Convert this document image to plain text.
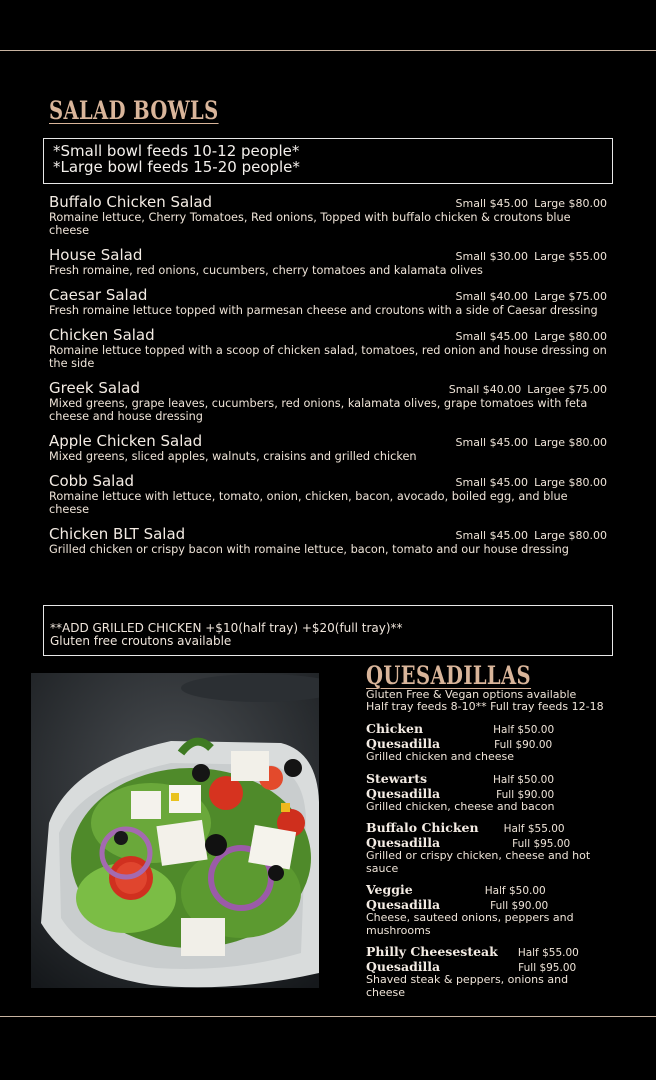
SALAD BOWLS
*Small bowl feeds 10-12 people*
*Large bowl feeds 15-20 people*
Buffalo Chicken Salad	Small $45.00 Large $80.00
Romaine lettuce, Cherry Tomatoes, Red onions, Topped with buffalo chicken & croutons blue cheese
House Salad	Small $30.00 Large $55.00
Fresh romaine, red onions, cucumbers, cherry tomatoes and kalamata olives
Caesar Salad	Small $40.00 Large $75.00
Fresh romaine lettuce topped with parmesan cheese and croutons with a side of Caesar dressing
Chicken Salad	Small $45.00 Large $80.00
Romaine lettuce topped with a scoop of chicken salad, tomatoes, red onion and house dressing on the side
Greek Salad	Small $40.00 Largee $75.00
Mixed greens, grape leaves, cucumbers, red onions, kalamata olives, grape tomatoes with feta cheese and house dressing
Apple Chicken Salad	Small $45.00 Large $80.00
Mixed greens, sliced apples, walnuts, craisins and grilled chicken
Cobb Salad	Small $45.00 Large $80.00
Romaine lettuce with lettuce, tomato, onion, chicken, bacon, avocado, boiled egg, and blue cheese
Chicken BLT Salad	Small $45.00 Large $80.00
Grilled chicken or crispy bacon with romaine lettuce, bacon, tomato and our house dressing
**ADD GRILLED CHICKEN +$10(half tray) +$20(full tray)**
Gluten free croutons available
QUESADILLAS
Gluten Free & Vegan options available
Half tray feeds 8-10** Full tray feeds 12-18
Chicken	Half $50.00
Quesadilla	Full $90.00
Grilled chicken and cheese
Stewarts	Half $50.00
Quesadilla	Full $90.00
Grilled chicken, cheese and bacon
Buffalo Chicken Half $55.00
Quesadilla	Full $95.00
Grilled or crispy chicken, cheese and hot sauce
Veggie	Half $50.00
Quesadilla	Full $90.00
Cheese, sauteed onions, peppers and mushrooms
Philly Cheesesteak Half $55.00
Quesadilla	Full $95.00
Shaved steak & peppers, onions and cheese
